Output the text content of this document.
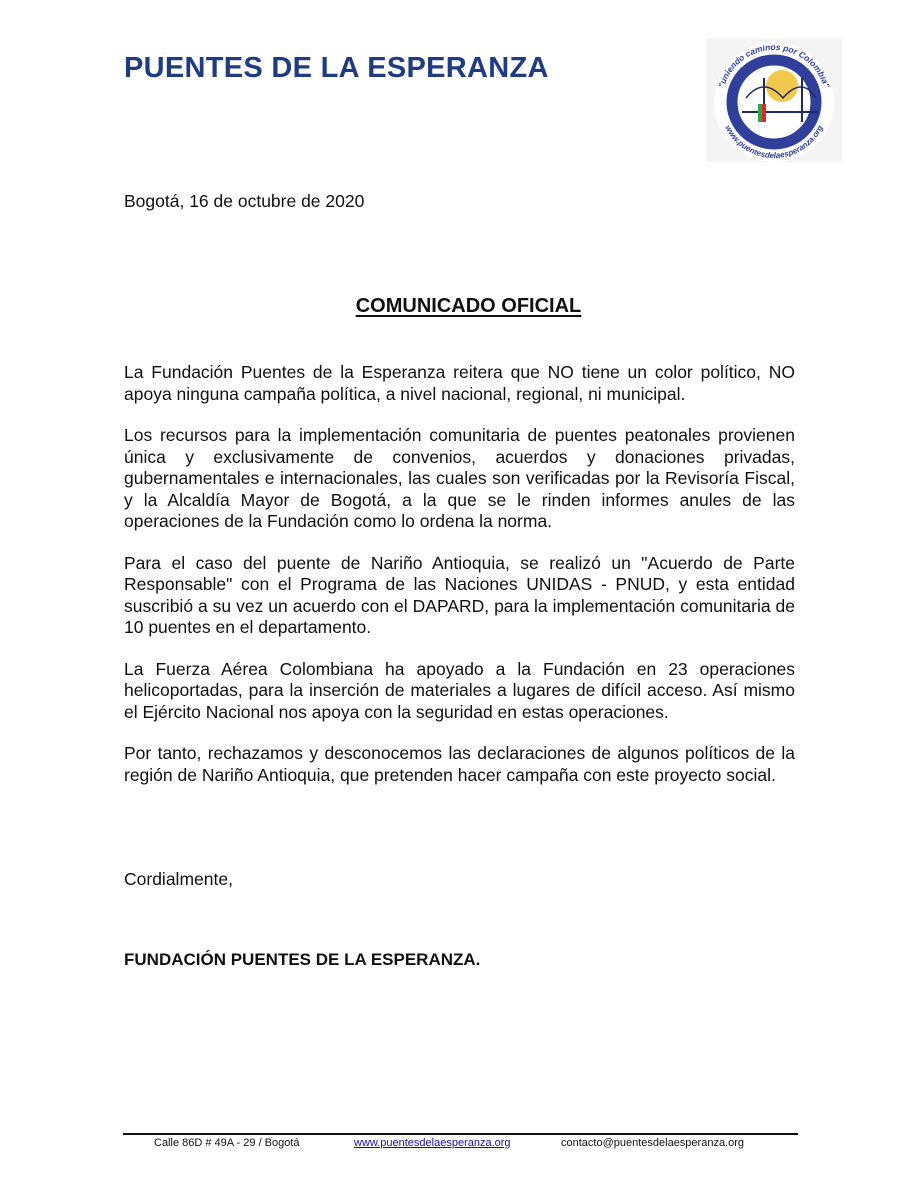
PUENTES DE LA ESPERANZA
"uniendo caminos por Colombia"
www.puentesdelaesperanza.org
Bogotá, 16 de octubre de 2020
COMUNICADO OFICIAL

La Fundación Puentes de la Esperanza reitera que NO tiene un color político, NO apoya ninguna campaña política, a nivel nacional, regional, ni municipal.

Los recursos para la implementación comunitaria de puentes peatonales provienen única y exclusivamente de convenios, acuerdos y donaciones privadas, gubernamentales e internacionales, las cuales son verificadas por la Revisoría Fiscal, y la Alcaldía Mayor de Bogotá, a la que se le rinden informes anules de las operaciones de la Fundación como lo ordena la norma.

Para el caso del puente de Nariño Antioquia, se realizó un "Acuerdo de Parte Responsable" con el Programa de las Naciones UNIDAS - PNUD, y esta entidad suscribió a su vez un acuerdo con el DAPARD, para la implementación comunitaria de 10 puentes en el departamento.

La Fuerza Aérea Colombiana ha apoyado a la Fundación en 23 operaciones helicoportadas, para la inserción de materiales a lugares de difícil acceso. Así mismo el Ejército Nacional nos apoya con la seguridad en estas operaciones.

Por tanto, rechazamos y desconocemos las declaraciones de algunos políticos de la región de Nariño Antioquia, que pretenden hacer campaña con este proyecto social.

Cordialmente,
FUNDACIÓN PUENTES DE LA ESPERANZA.
Calle 86D # 49A - 29 / Bogotá	www.puentesdelaesperanza.org	contacto@puentesdelaesperanza.org
